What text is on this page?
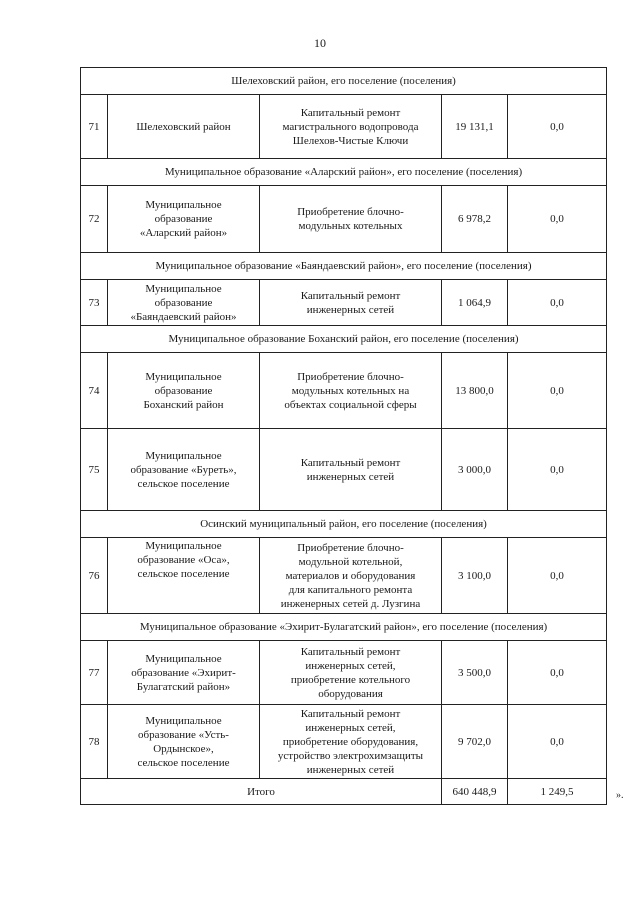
10
Шелеховский район, его поселение (поселения)				
71	Шелеховский район	Капитальный ремонт
магистрального водопровода
Шелехов-Чистые Ключи	19 131,1	0,0
Муниципальное образование «Аларский район», его поселение (поселения)				
72	Муниципальное
образование
«Аларский район»	Приобретение блочно-
модульных котельных	6 978,2	0,0
Муниципальное образование «Баяндаевский район», его поселение (поселения)				
73	Муниципальное
образование
«Баяндаевский район»	Капитальный ремонт
инженерных сетей	1 064,9	0,0
Муниципальное образование Боханский район, его поселение (поселения)				
74	Муниципальное
образование
Боханский район	Приобретение блочно-
модульных котельных на
объектах социальной сферы	13 800,0	0,0
75	Муниципальное
образование «Буреть»,
сельское поселение	Капитальный ремонт
инженерных сетей	3 000,0	0,0
Осинский муниципальный район, его поселение (поселения)				
76	Муниципальное
образование «Оса»,
сельское поселение	Приобретение блочно-
модульной котельной,
материалов и оборудования
для капитального ремонта
инженерных сетей д. Лузгина	3 100,0	0,0
Муниципальное образование «Эхирит-Булагатский район», его поселение (поселения)				
77	Муниципальное
образование «Эхирит-
Булагатский район»	Капитальный ремонт
инженерных сетей,
приобретение котельного
оборудования	3 500,0	0,0
78	Муниципальное
образование «Усть-
Ордынское»,
сельское поселение	Капитальный ремонт
инженерных сетей,
приобретение оборудования,
устройство электрохимзащиты
инженерных сетей	9 702,0	0,0
Итого			640 448,9	1 249,5	».
